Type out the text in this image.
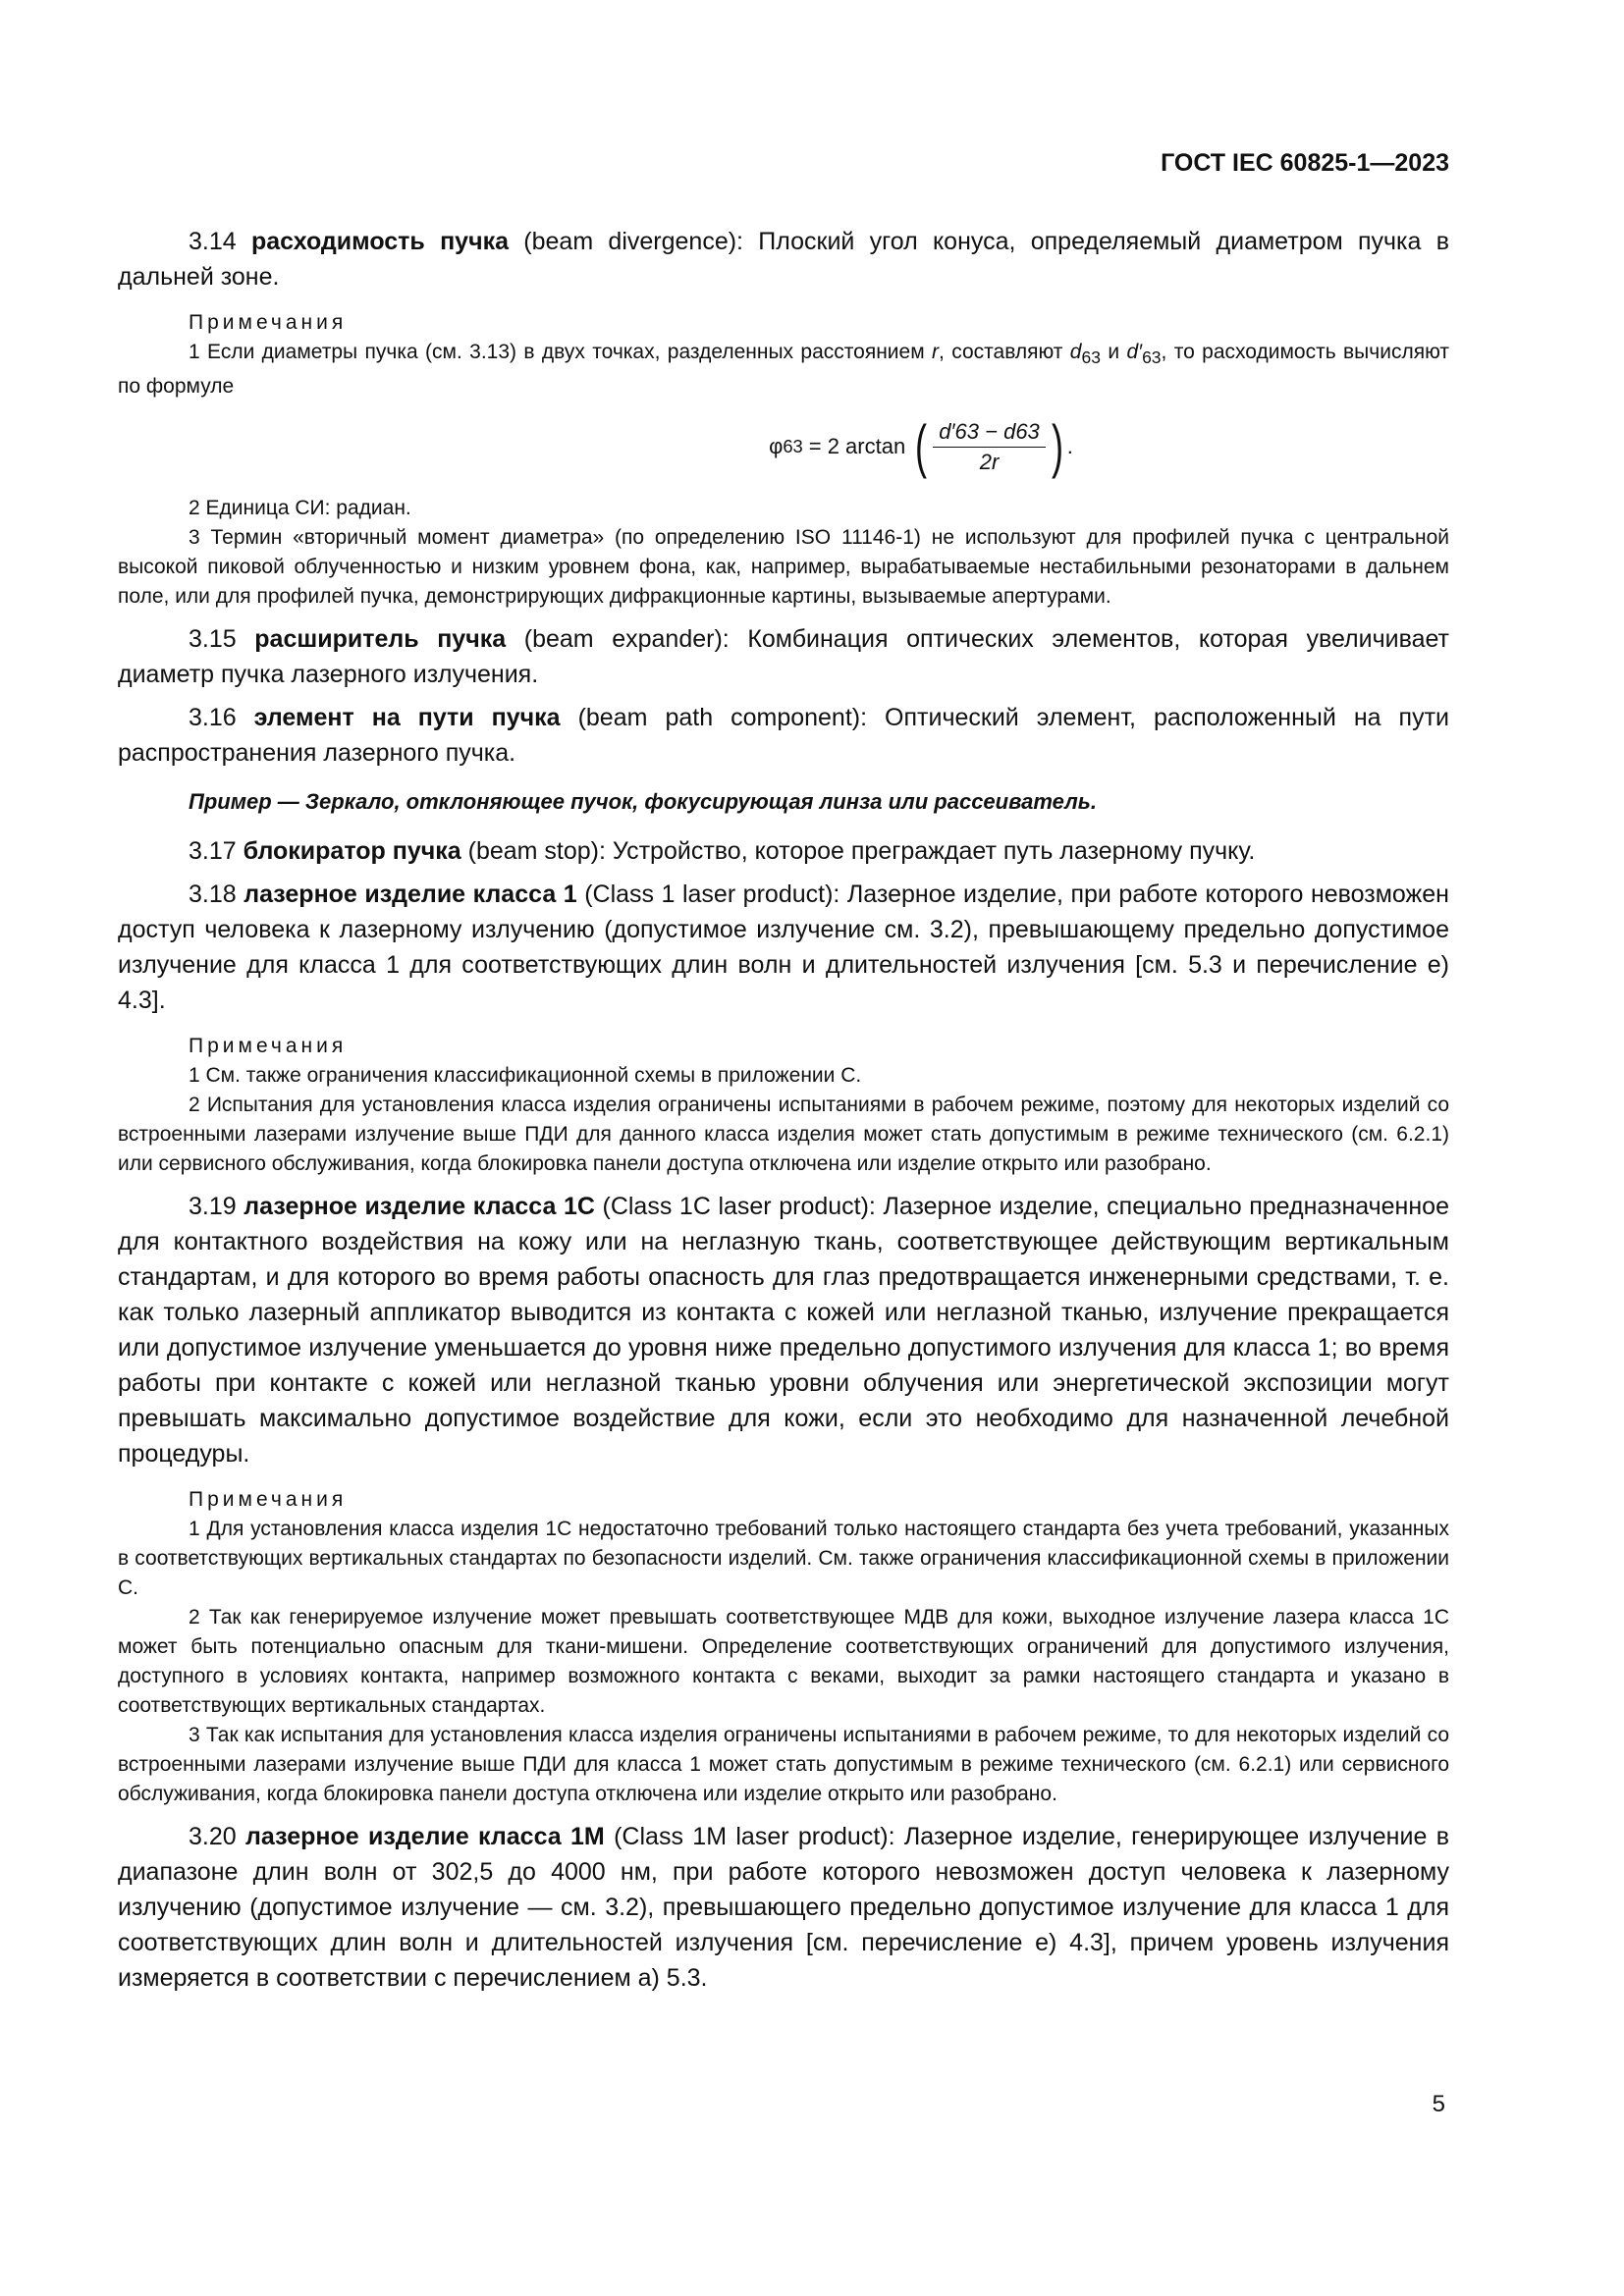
ГОСТ IEC 60825-1—2023

3.14 расходимость пучка (beam divergence): Плоский угол конуса, определяемый диаметром пучка в дальней зоне.

Примечания

1 Если диаметры пучка (см. 3.13) в двух точках, разделенных расстоянием r, составляют $d_{63}$ и $d'_{63}$, то расходимость вычисляют по формуле

φ 63 = 2 arctan ( $\frac{d'63 - d63}{2r}$ ) .

2 Единица СИ: радиан.

3 Термин «вторичный момент диаметра» (по определению ISO 11146-1) не используют для профилей пучка с центральной высокой пиковой облученностью и низким уровнем фона, как, например, вырабатываемые нестабильными резонаторами в дальнем поле, или для профилей пучка, демонстрирующих дифракционные картины, вызываемые апертурами.

3.15 расширитель пучка (beam expander): Комбинация оптических элементов, которая увеличивает диаметр пучка лазерного излучения.

3.16 элемент на пути пучка (beam path component): Оптический элемент, расположенный на пути распространения лазерного пучка.

Пример — Зеркало, отклоняющее пучок, фокусирующая линза или рассеиватель.

3.17 блокиратор пучка (beam stop): Устройство, которое преграждает путь лазерному пучку.

3.18 лазерное изделие класса 1 (Class 1 laser product): Лазерное изделие, при работе которого невозможен доступ человека к лазерному излучению (допустимое излучение см. 3.2), превышающему предельно допустимое излучение для класса 1 для соответствующих длин волн и длительностей излучения [см. 5.3 и перечисление е) 4.3].

Примечания

1 См. также ограничения классификационной схемы в приложении С.

2 Испытания для установления класса изделия ограничены испытаниями в рабочем режиме, поэтому для некоторых изделий со встроенными лазерами излучение выше ПДИ для данного класса изделия может стать допустимым в режиме технического (см. 6.2.1) или сервисного обслуживания, когда блокировка панели доступа отключена или изделие открыто или разобрано.

3.19 лазерное изделие класса 1С (Class 1C laser product): Лазерное изделие, специально предназначенное для контактного воздействия на кожу или на неглазную ткань, соответствующее действующим вертикальным стандартам, и для которого во время работы опасность для глаз предотвращается инженерными средствами, т. е. как только лазерный аппликатор выводится из контакта с кожей или неглазной тканью, излучение прекращается или допустимое излучение уменьшается до уровня ниже предельно допустимого излучения для класса 1; во время работы при контакте с кожей или неглазной тканью уровни облучения или энергетической экспозиции могут превышать максимально допустимое воздействие для кожи, если это необходимо для назначенной лечебной процедуры.

Примечания

1 Для установления класса изделия 1С недостаточно требований только настоящего стандарта без учета требований, указанных в соответствующих вертикальных стандартах по безопасности изделий. См. также ограничения классификационной схемы в приложении С.

2 Так как генерируемое излучение может превышать соответствующее МДВ для кожи, выходное излучение лазера класса 1С может быть потенциально опасным для ткани-мишени. Определение соответствующих ограничений для допустимого излучения, доступного в условиях контакта, например возможного контакта с веками, выходит за рамки настоящего стандарта и указано в соответствующих вертикальных стандартах.

3 Так как испытания для установления класса изделия ограничены испытаниями в рабочем режиме, то для некоторых изделий со встроенными лазерами излучение выше ПДИ для класса 1 может стать допустимым в режиме технического (см. 6.2.1) или сервисного обслуживания, когда блокировка панели доступа отключена или изделие открыто или разобрано.

3.20 лазерное изделие класса 1М (Class 1M laser product): Лазерное изделие, генерирующее излучение в диапазоне длин волн от 302,5 до 4000 нм, при работе которого невозможен доступ человека к лазерному излучению (допустимое излучение — см. 3.2), превышающего предельно допустимое излучение для класса 1 для соответствующих длин волн и длительностей излучения [см. перечисление е) 4.3], причем уровень излучения измеряется в соответствии с перечислением а) 5.3.

5
